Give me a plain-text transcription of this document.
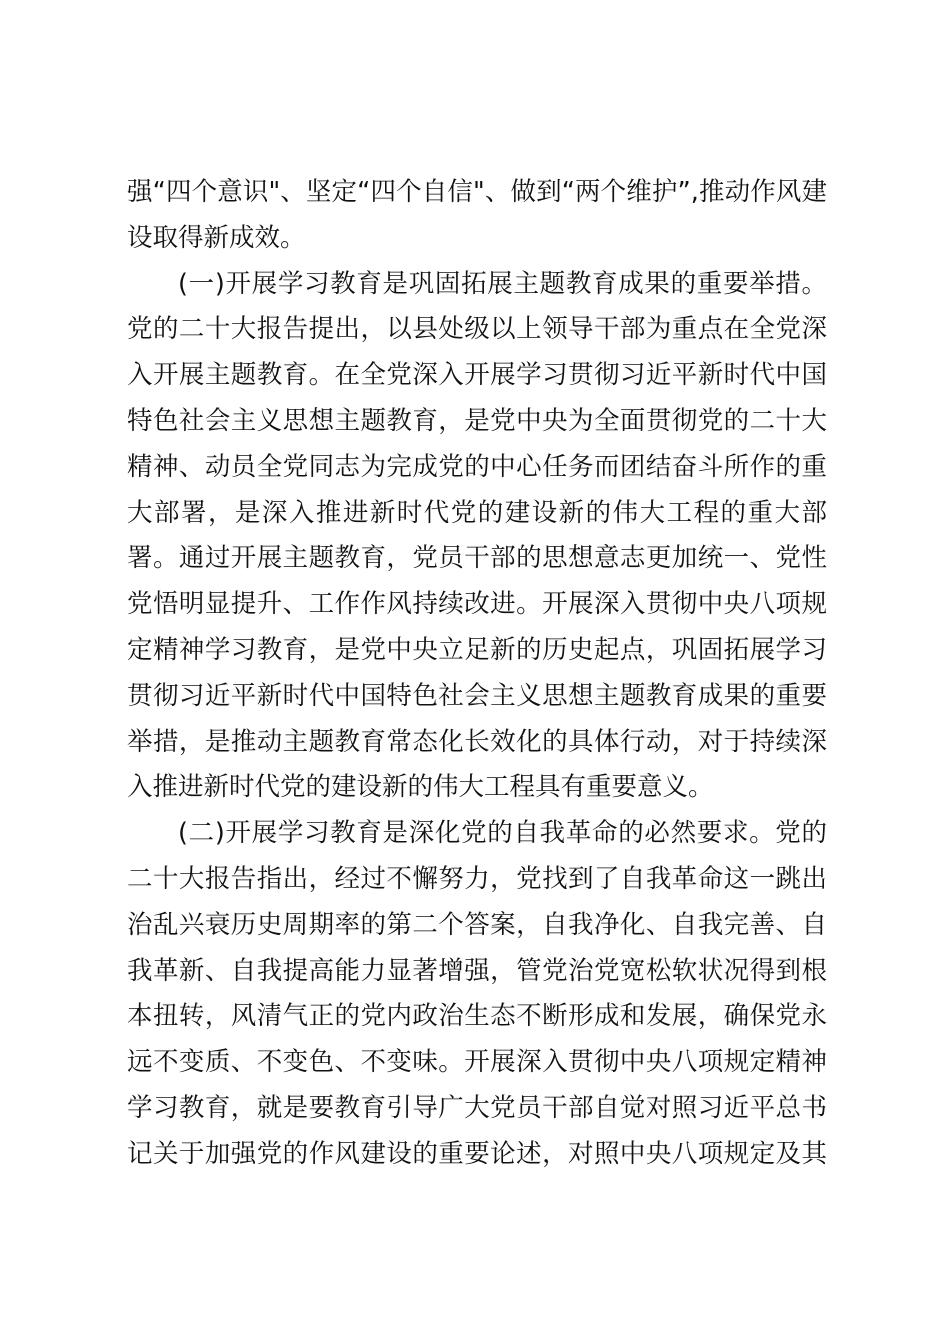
强“四个意识"、坚定“四个自信"、做到“两个维护”,推动作风建
设取得新成效。
(一)开展学习教育是巩固拓展主题教育成果的重要举措。
党的二十大报告提出，以县处级以上领导干部为重点在全党深
入开展主题教育。在全党深入开展学习贯彻习近平新时代中国
特色社会主义思想主题教育，是党中央为全面贯彻党的二十大
精神、动员全党同志为完成党的中心任务而团结奋斗所作的重
大部署，是深入推进新时代党的建设新的伟大工程的重大部
署。通过开展主题教育，党员干部的思想意志更加统一、党性
党悟明显提升、工作作风持续改进。开展深入贯彻中央八项规
定精神学习教育，是党中央立足新的历史起点，巩固拓展学习
贯彻习近平新时代中国特色社会主义思想主题教育成果的重要
举措，是推动主题教育常态化长效化的具体行动，对于持续深
入推进新时代党的建设新的伟大工程具有重要意义。
(二)开展学习教育是深化党的自我革命的必然要求。党的
二十大报告指出，经过不懈努力，党找到了自我革命这一跳出
治乱兴衰历史周期率的第二个答案，自我净化、自我完善、自
我革新、自我提高能力显著增强，管党治党宽松软状况得到根
本扭转，风清气正的党内政治生态不断形成和发展，确保党永
远不变质、不变色、不变味。开展深入贯彻中央八项规定精神
学习教育，就是要教育引导广大党员干部自觉对照习近平总书
记关于加强党的作风建设的重要论述，对照中央八项规定及其
